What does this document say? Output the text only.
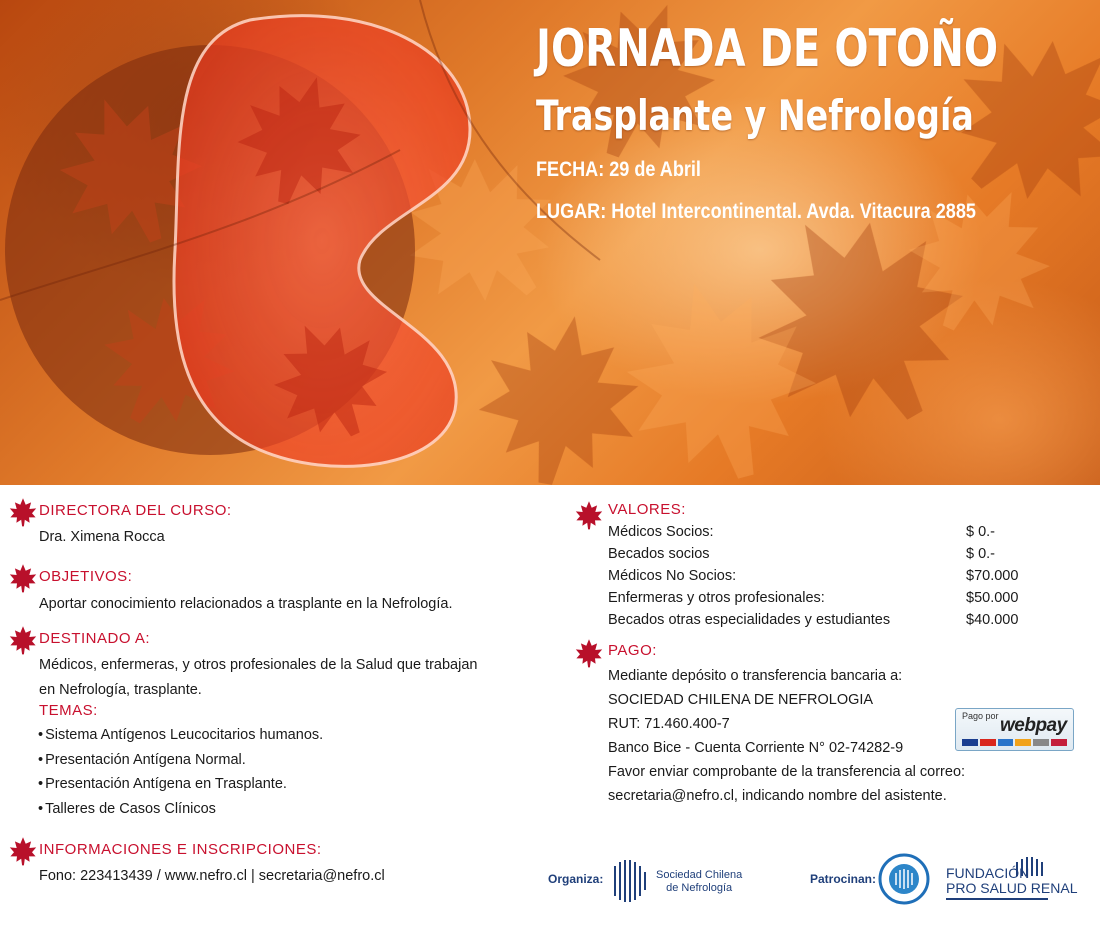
JORNADA DE OTOÑO
Trasplante y Nefrología
FECHA: 29 de Abril
LUGAR: Hotel Intercontinental. Avda. Vitacura 2885
DIRECTORA DEL CURSO:
Dra. Ximena Rocca
OBJETIVOS:
Aportar conocimiento relacionados a trasplante en la Nefrología.
DESTINADO A:
Médicos, enfermeras, y otros profesionales de la Salud que trabajan
en Nefrología, trasplante.
TEMAS:
• Sistema Antígenos Leucocitarios humanos.
• Presentación Antígena Normal.
• Presentación Antígena en Trasplante.
• Talleres de Casos Clínicos
INFORMACIONES E INSCRIPCIONES:
Fono: 223413439 / www.nefro.cl | secretaria@nefro.cl
VALORES:
Médicos Socios:	$ 0.-
Becados socios	$ 0.-
Médicos No Socios:	$70.000
Enfermeras y otros profesionales:	$50.000
Becados otras especialidades y estudiantes	$40.000
PAGO:
Mediante depósito o transferencia bancaria a:
SOCIEDAD CHILENA DE NEFROLOGIA
RUT: 71.460.400-7
Banco Bice - Cuenta Corriente N° 02-74282-9
Favor enviar comprobante de la transferencia al correo:
secretaria@nefro.cl, indicando nombre del asistente.
Pago por webpay
Organiza:	Sociedad Chilena
de Nefrología
Patrocinan:	FUNDACIÓN
PRO SALUD RENAL
